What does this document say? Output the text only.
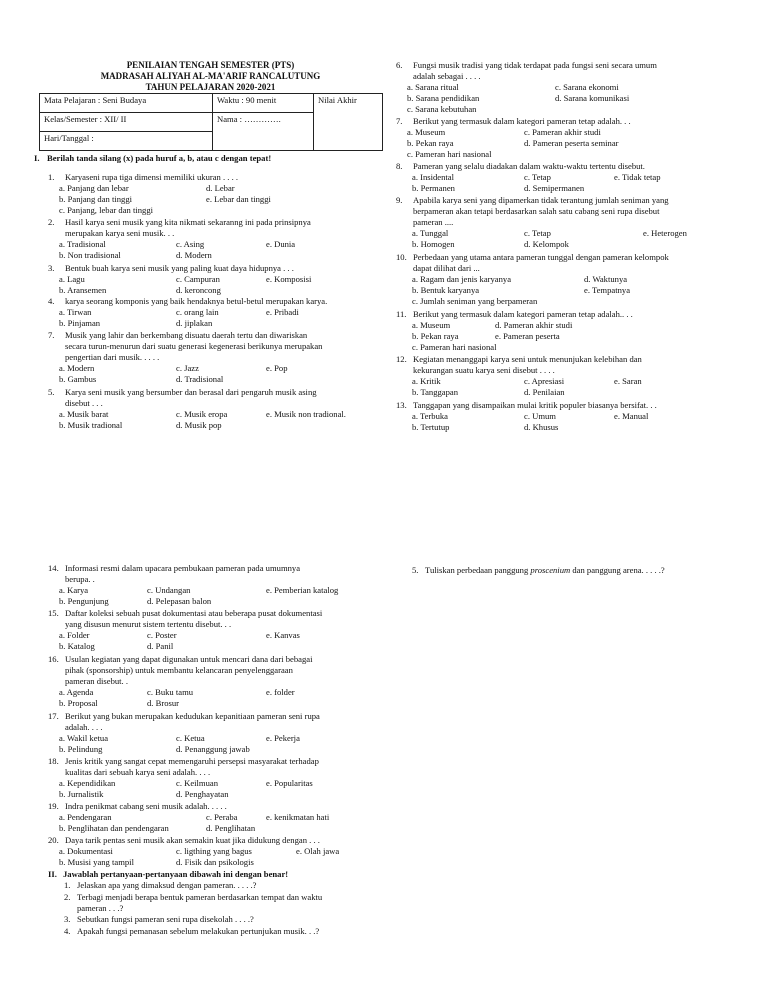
PENILAIAN TENGAH SEMESTER (PTS)
MADRASAH ALIYAH AL-MA'ARIF RANCALUTUNG
TAHUN PELAJARAN 2020-2021
Mata Pelajaran : Seni Budaya	Waktu : 90 menit	Nilai Akhir
Kelas/Semester : XII/ II	Nama : ………….	
Hari/Tanggal :		
I. Berilah tanda silang (x) pada huruf a, b, atau c dengan tepat!
II. Jawablah pertanyaan-pertanyaan dibawah ini dengan benar!
1. Jelaskan apa yang dimaksud dengan pameran. . . . .?
2. Terbagi menjadi berapa bentuk pameran berdasarkan tempat dan waktu
pameran . . .?
3. Sebutkan fungsi pameran seni rupa disekolah . . . .?
4. Apakah fungsi pemanasan sebelum melakukan pertunjukan musik. . .?
5. Tuliskan perbedaan panggung proscenium dan panggung arena. . . . .?
1. Karyaseni rupa tiga dimensi memiliki ukuran . . . .
a. Panjang dan lebar	d. Lebar
b. Panjang dan tinggi	e. Lebar dan tinggi
c. Panjang, lebar dan tinggi
2. Hasil karya seni musik yang kita nikmati sekaranng ini pada prinsipnya
merupakan karya seni musik. . .
a. Tradisional	c. Asing	e. Dunia
b. Non tradisional	d. Modern
3. Bentuk buah karya seni musik yang paling kuat daya hidupnya . . .
a. Lagu	c. Campuran	e. Komposisi
b. Aransemen	d. keroncong
4. karya seorang komponis yang baik hendaknya betul-betul merupakan karya.
a. Tirwan	c. orang lain	e. Pribadi
b. Pinjaman	d. jiplakan
7. Musik yang lahir dan berkembang disuatu daerah tertu dan diwariskan
secara turun-menurun dari suatu generasi kegenerasi berikunya merupakan
pengertian dari musik. . . . .
a. Modern	c. Jazz	e. Pop
b. Gambus	d. Tradisional
5. Karya seni musik yang bersumber dan berasal dari pengaruh musik asing
disebut . . .
a. Musik barat	c. Musik eropa	e. Musik non tradional.
b. Musik tradional	d. Musik pop
6. Fungsi musik tradisi yang tidak terdapat pada fungsi seni secara umum
adalah sebagai . . . .
a. Sarana ritual	c. Sarana ekonomi
b. Sarana pendidikan	d. Sarana komunikasi
c. Sarana kebutuhan
7. Berikut yang termasuk dalam kategori pameran tetap adalah. . .
a. Museum	c. Pameran akhir studi
b. Pekan raya	d. Pameran peserta seminar
c. Pameran hari nasional
8. Pameran yang selalu diadakan dalam waktu-waktu tertentu disebut.
a. Insidental	c. Tetap	e. Tidak tetap
b. Permanen	d. Semipermanen
9. Apabila karya seni yang dipamerkan tidak terantung jumlah seniman yang
berpameran akan tetapi berdasarkan salah satu cabang seni rupa disebut
pameran ....
a. Tunggal	c. Tetap	e. Heterogen
b. Homogen	d. Kelompok
10. Perbedaan yang utama antara pameran tunggal dengan pameran kelompok
dapat dilihat dari ...
a. Ragam dan jenis karyanya	d. Waktunya
b. Bentuk karyanya	e. Tempatnya
c. Jumlah seniman yang berpameran
11. Berikut yang termasuk dalam kategori pameran tetap adalah.. . .
a. Museum	d. Pameran akhir studi
b. Pekan raya	e. Pameran peserta
c. Pameran hari nasional
12. Kegiatan menanggapi karya seni untuk menunjukan kelebihan dan
kekurangan suatu karya seni disebut . . . .
a. Kritik	c. Apresiasi	e. Saran
b. Tanggapan	d. Penilaian
13. Tanggapan yang disampaikan mulai kritik populer biasanya bersifat. . .
a. Terbuka	c. Umum	e. Manual
b. Tertutup	d. Khusus
14. Informasi resmi dalam upacara pembukaan pameran pada umumnya
berupa. .
a. Karya	c. Undangan	e. Pemberian katalog
b. Pengunjung	d. Pelepasan balon
15. Daftar koleksi sebuah pusat dokumentasi atau beberapa pusat dokumentasi
yang disusun menurut sistem tertentu disebut. . .
a. Folder	c. Poster	e. Kanvas
b. Katalog	d. Panil
16. Usulan kegiatan yang dapat digunakan untuk mencari dana dari bebagai
pihak (sponsorship) untuk membantu kelancaran penyelenggaraan
pameran disebut. .
a. Agenda	c. Buku tamu	e. folder
b. Proposal	d. Brosur
17. Berikut yang bukan merupakan kedudukan kepanitiaan pameran seni rupa
adalah. . . .
a. Wakil ketua	c. Ketua	e. Pekerja
b. Pelindung	d. Penanggung jawab
18. Jenis kritik yang sangat cepat memengaruhi persepsi masyarakat terhadap
kualitas dari sebuah karya seni adalah. . . .
a. Kependidikan	c. Keilmuan	e. Popularitas
b. Jurnalistik	d. Penghayatan
19. Indra penikmat cabang seni musik adalah. . . . .
a. Pendengaran	c. Peraba	e. kenikmatan hati
b. Penglihatan dan pendengaran	d. Penglihatan
20. Daya tarik pentas seni musik akan semakin kuat jika didukung dengan . . .
a. Dokumentasi	c. ligthing yang bagus	e. Olah jawa
b. Musisi yang tampil	d. Fisik dan psikologis
